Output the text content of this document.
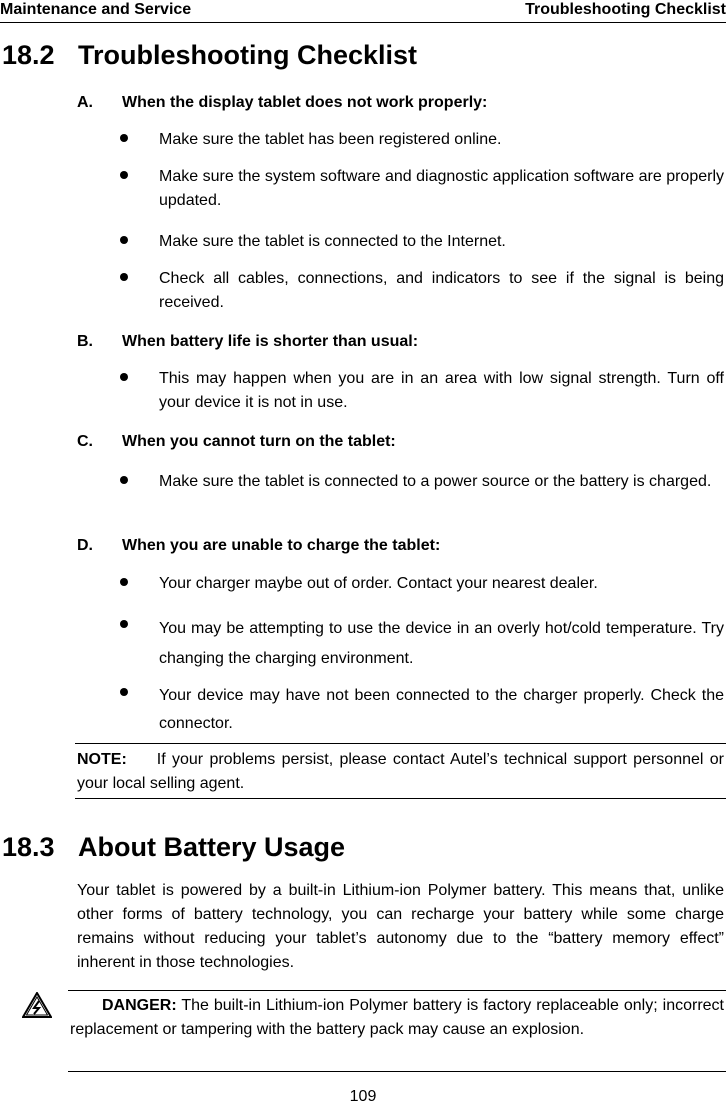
Maintenance and Service	Troubleshooting Checklist
18.2 Troubleshooting Checklist
A. When the display tablet does not work properly:
Make sure the tablet has been registered online.
Make sure the system software and diagnostic application software are properly updated.
Make sure the tablet is connected to the Internet.
Check all cables, connections, and indicators to see if the signal is being received.
B. When battery life is shorter than usual:
This may happen when you are in an area with low signal strength. Turn off your device it is not in use.
C. When you cannot turn on the tablet:
Make sure the tablet is connected to a power source or the battery is charged.
D. When you are unable to charge the tablet:
Your charger maybe out of order. Contact your nearest dealer.
You may be attempting to use the device in an overly hot/cold temperature. Try changing the charging environment.
Your device may have not been connected to the charger properly. Check the connector.
NOTE: If your problems persist, please contact Autel’s technical support personnel or your local selling agent.
18.3 About Battery Usage
Your tablet is powered by a built-in Lithium-ion Polymer battery. This means that, unlike other forms of battery technology, you can recharge your battery while some charge remains without reducing your tablet’s autonomy due to the “battery memory effect” inherent in those technologies.
DANGER: The built-in Lithium-ion Polymer battery is factory replaceable only; incorrect replacement or tampering with the battery pack may cause an explosion.
109
